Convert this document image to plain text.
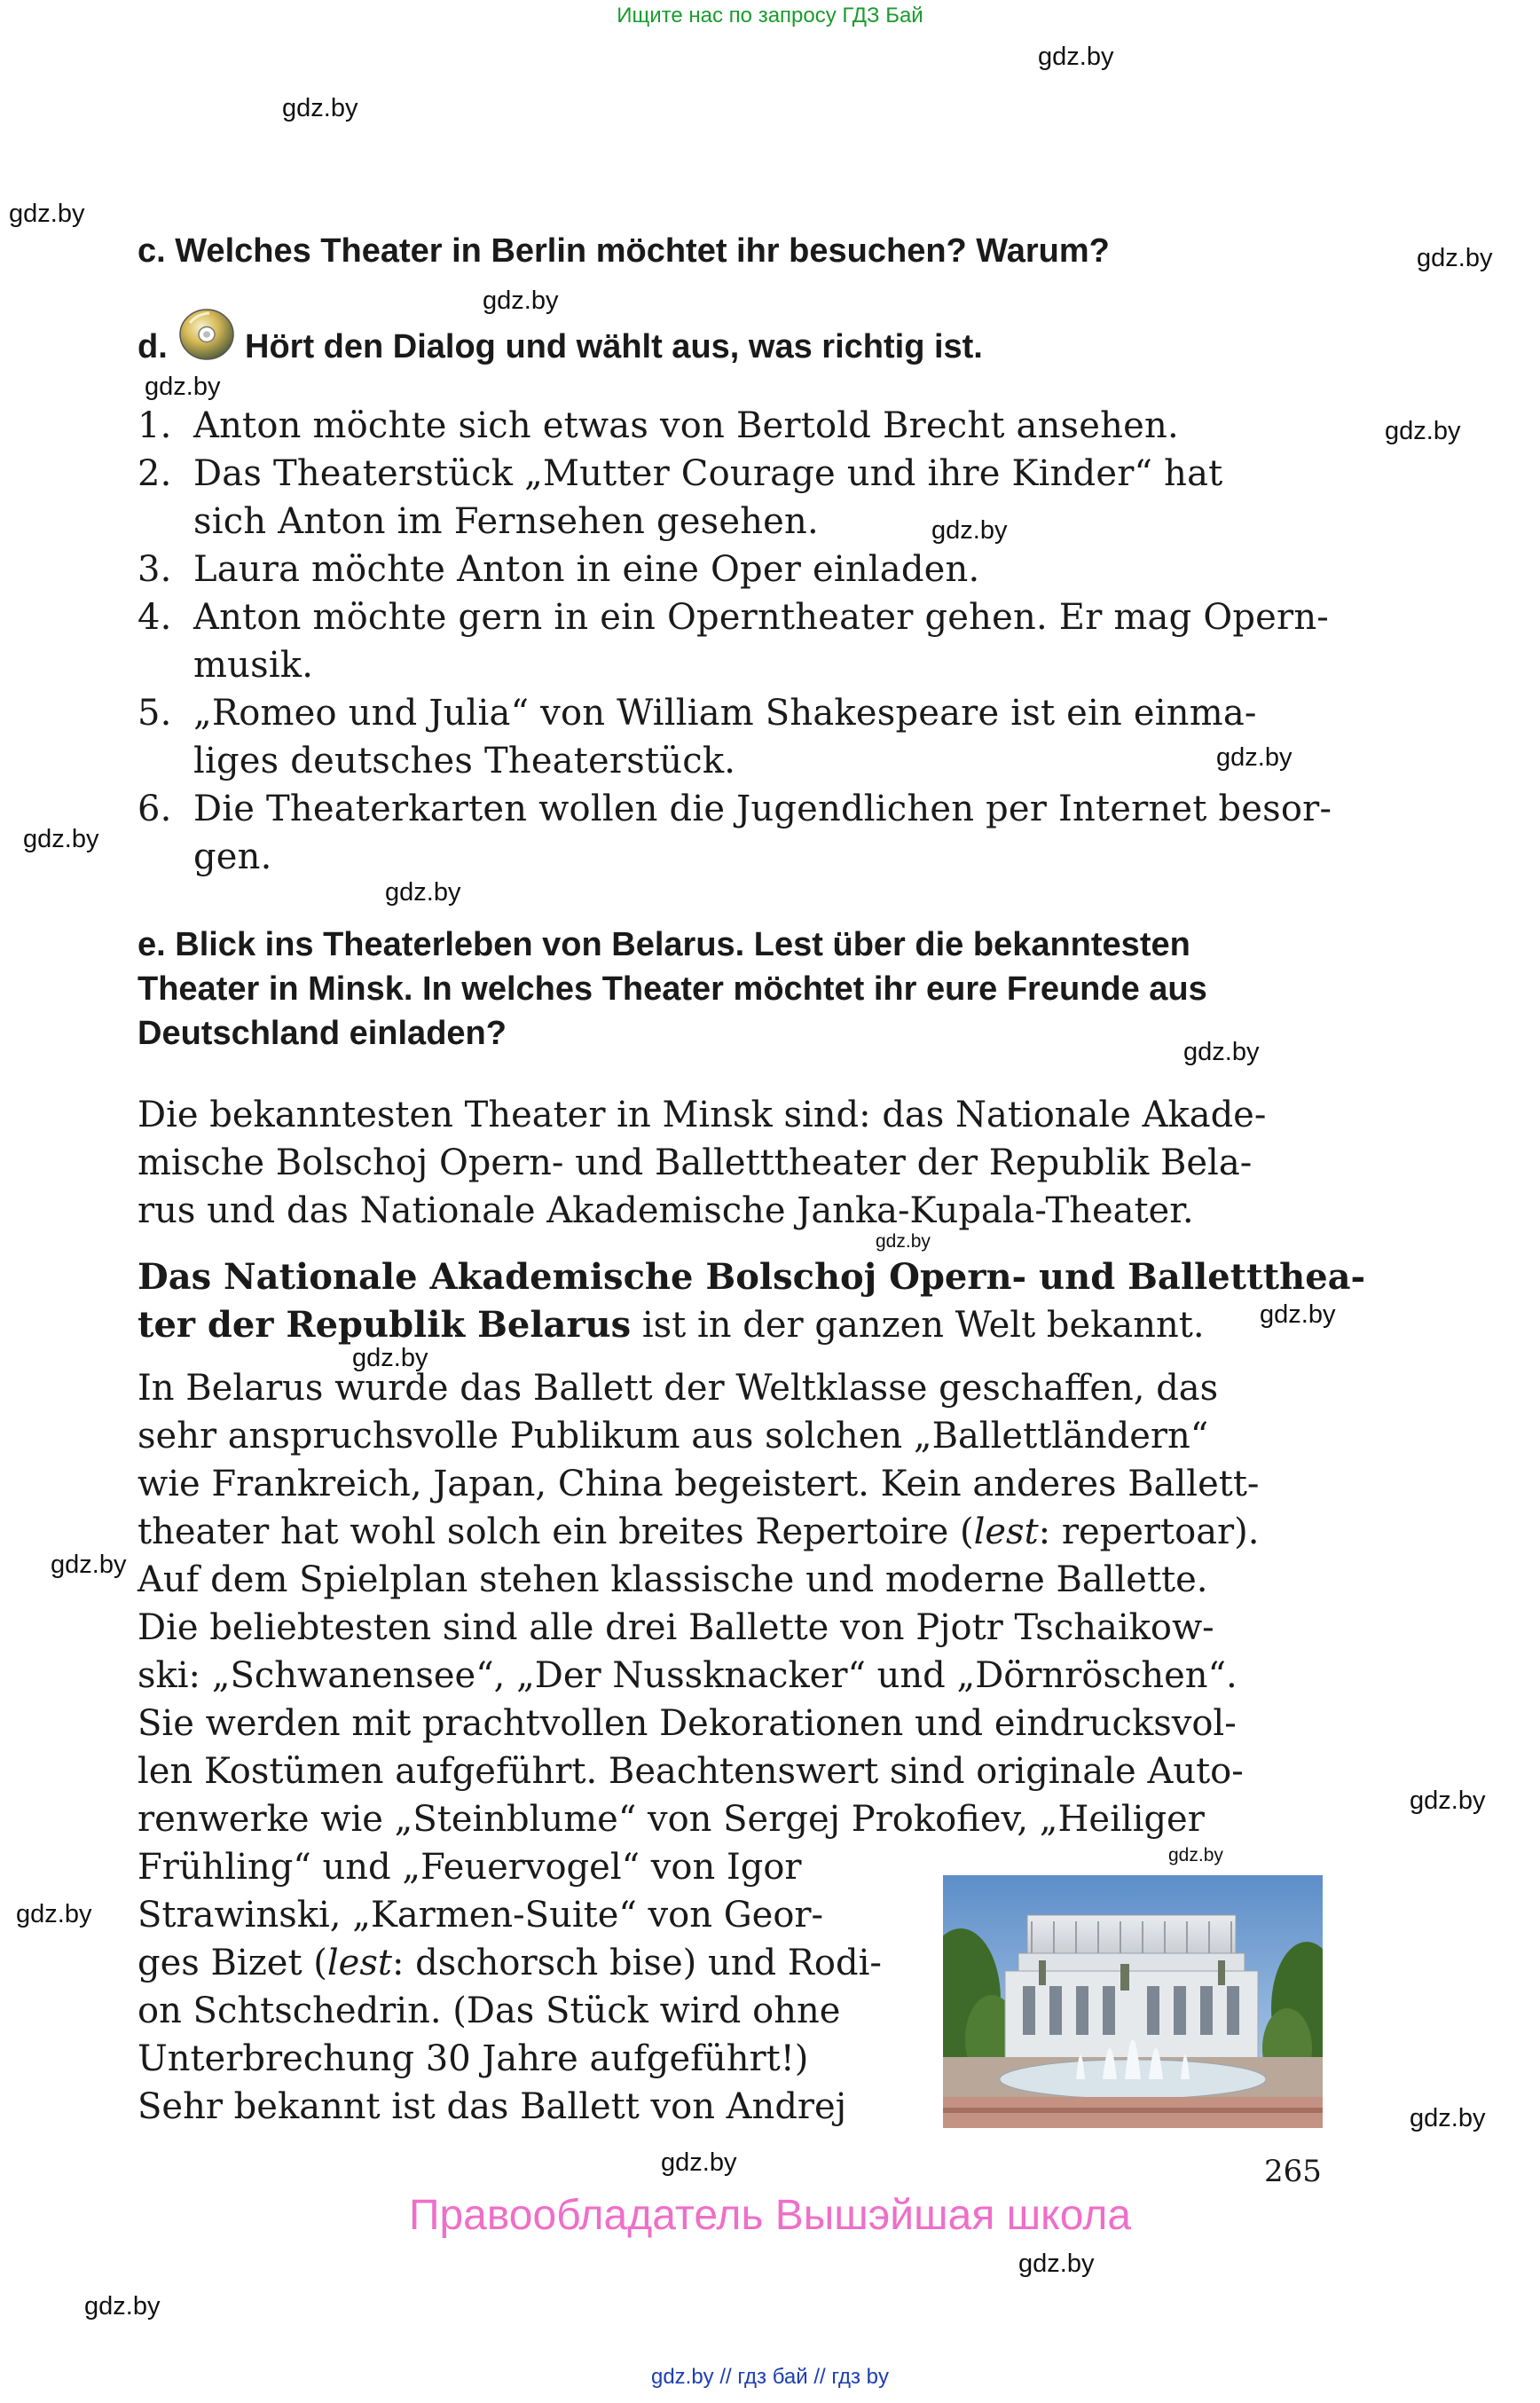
Ищите нас по запросу ГДЗ Бай
gdz.by
gdz.by
gdz.by
gdz.by
gdz.by
gdz.by
gdz.by
gdz.by
gdz.by
gdz.by
gdz.by
gdz.by
gdz.by
gdz.by
gdz.by
gdz.by
gdz.by
gdz.by
gdz.by
gdz.by
gdz.by
gdz.by
gdz.by
c. Welches Theater in Berlin möchtet ihr besuchen? Warum?
d. Hört den Dialog und wählt aus, was richtig ist.
1. Anton möchte sich etwas von Bertold Brecht ansehen.
2. Das Theaterstück „Mutter Courage und ihre Kinder“ hat
sich Anton im Fernsehen gesehen.
3. Laura möchte Anton in eine Oper einladen.
4. Anton möchte gern in ein Operntheater gehen. Er mag Opern-
musik.
5. „Romeo und Julia“ von William Shakespeare ist ein einma-
liges deutsches Theaterstück.
6. Die Theaterkarten wollen die Jugendlichen per Internet besor-
gen.
e. Blick ins Theaterleben von Belarus. Lest über die bekanntesten
Theater in Minsk. In welches Theater möchtet ihr eure Freunde aus
Deutschland einladen?
Die bekanntesten Theater in Minsk sind: das Nationale Akade-
mische Bolschoj Opern- und Balletttheater der Republik Bela-
rus und das Nationale Akademische Janka-Kupala-Theater.
Das Nationale Akademische Bolschoj Opern- und Balletttheа-
ter der Republik Belarus ist in der ganzen Welt bekannt.
In Belarus wurde das Ballett der Weltklasse geschaffen, das
sehr anspruchsvolle Publikum aus solchen „Ballettländern“
wie Frankreich, Japan, China begeistert. Kein anderes Ballett-
theater hat wohl solch ein breites Repertoire (lest: repertoar).
Auf dem Spielplan stehen klassische und moderne Ballette.
Die beliebtesten sind alle drei Ballette von Pjotr Tschaikow-
ski: „Schwanensee“, „Der Nussknacker“ und „Dörnröschen“.
Sie werden mit prachtvollen Dekorationen und eindrucksvol-
len Kostümen aufgeführt. Beachtenswert sind originale Auto-
renwerke wie „Steinblume“ von Sergej Prokofiev, „Heiliger
Frühling“ und „Feuervogel“ von Igor
Strawinski, „Karmen-Suite“ von Geor-
ges Bizet (lest: dschorsch bise) und Rodi-
on Schtschedrin. (Das Stück wird ohne
Unterbrechung 30 Jahre aufgeführt!)
Sehr bekannt ist das Ballett von Andrej
265
Правообладатель Вышэйшая школа
gdz.by // гдз бай // гдз by
